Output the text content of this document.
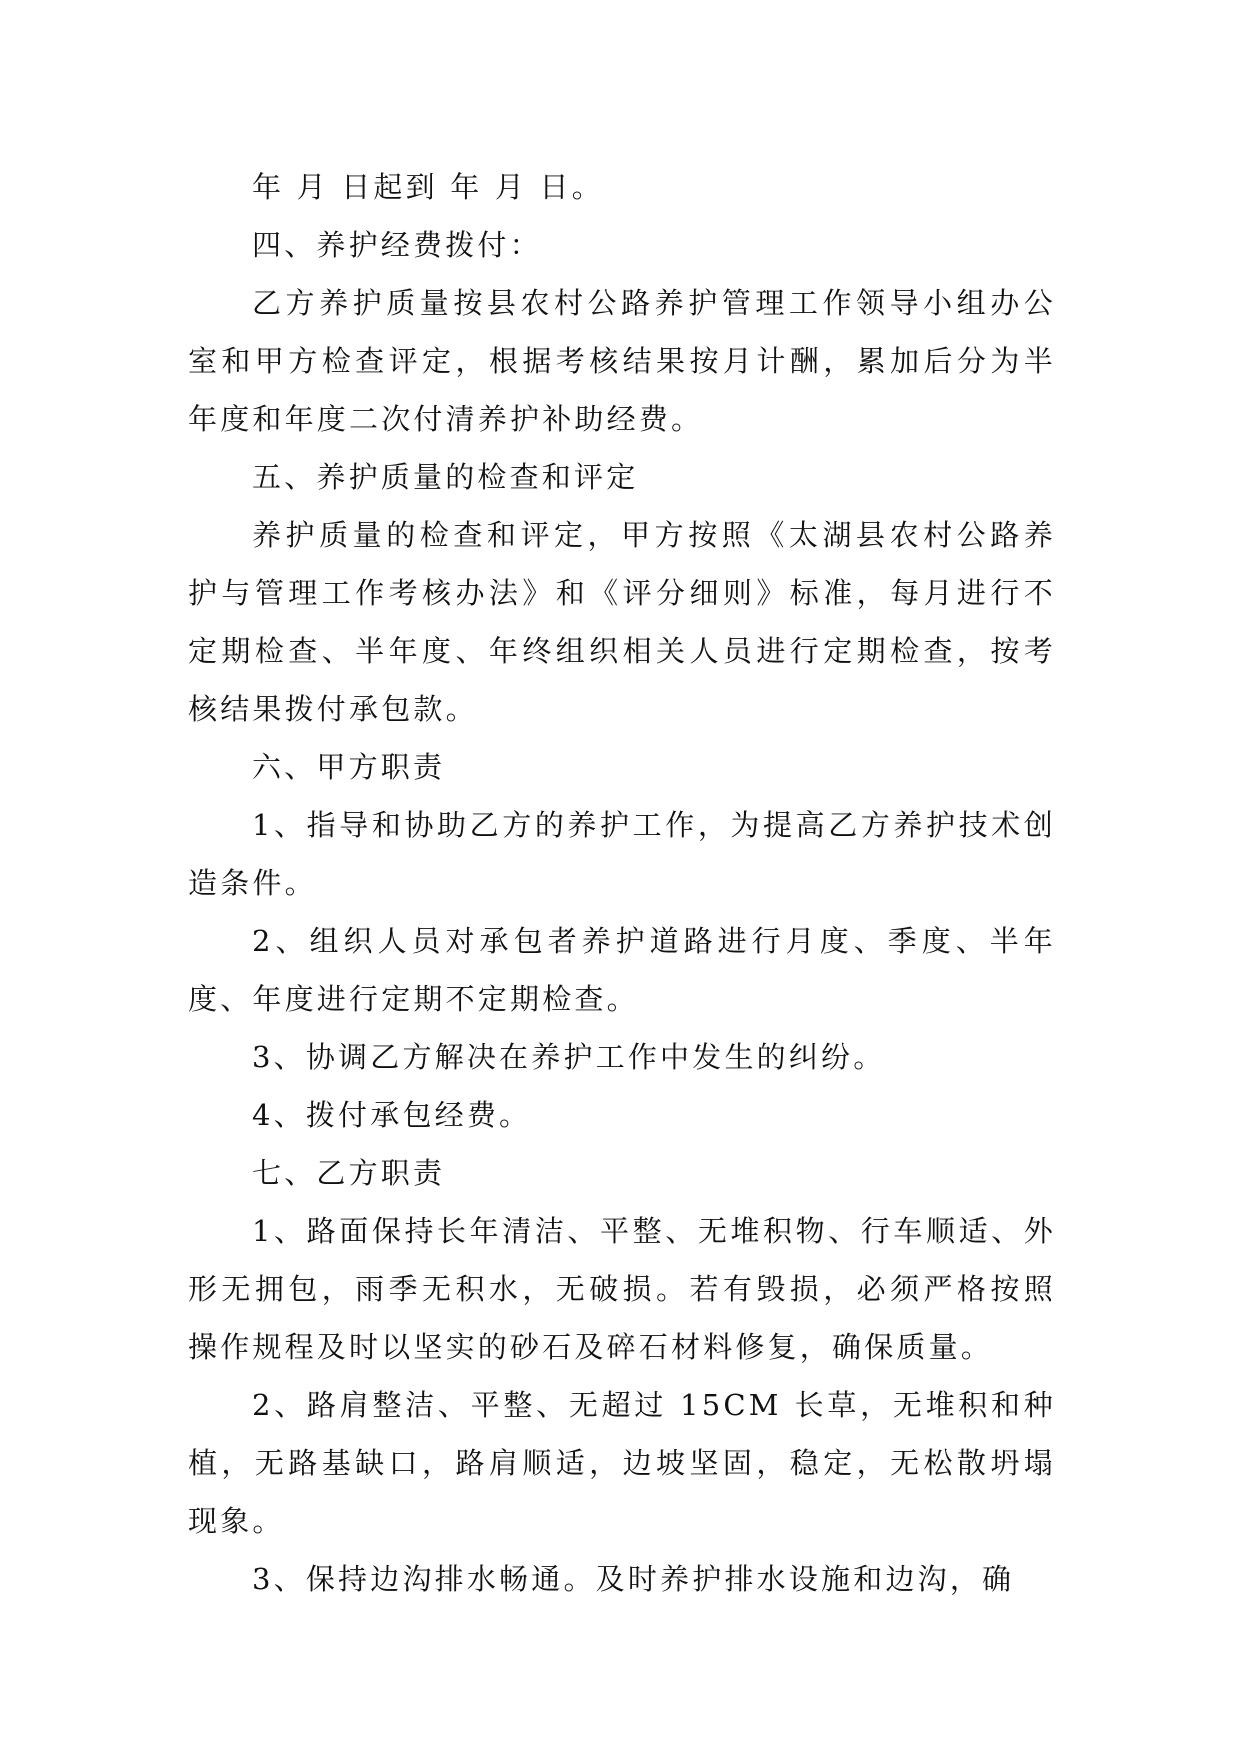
年 月 日起到 年 月 日。

四、养护经费拨付：

乙方养护质量按县农村公路养护管理工作领导小组办公室和甲方检查评定，根据考核结果按月计酬，累加后分为半年度和年度二次付清养护补助经费。

五、养护质量的检查和评定

养护质量的检查和评定，甲方按照《太湖县农村公路养护与管理工作考核办法》和《评分细则》标准，每月进行不定期检查、半年度、年终组织相关人员进行定期检查，按考核结果拨付承包款。

六、甲方职责

1、指导和协助乙方的养护工作，为提高乙方养护技术创造条件。

2、组织人员对承包者养护道路进行月度、季度、半年度、年度进行定期不定期检查。

3、协调乙方解决在养护工作中发生的纠纷。

4、拨付承包经费。

七、乙方职责

1、路面保持长年清洁、平整、无堆积物、行车顺适、外形无拥包，雨季无积水，无破损。若有毁损，必须严格按照操作规程及时以坚实的砂石及碎石材料修复，确保质量。

2、路肩整洁、平整、无超过 15CM 长草，无堆积和种植，无路基缺口，路肩顺适，边坡坚固，稳定，无松散坍塌现象。

3、保持边沟排水畅通。及时养护排水设施和边沟，确
